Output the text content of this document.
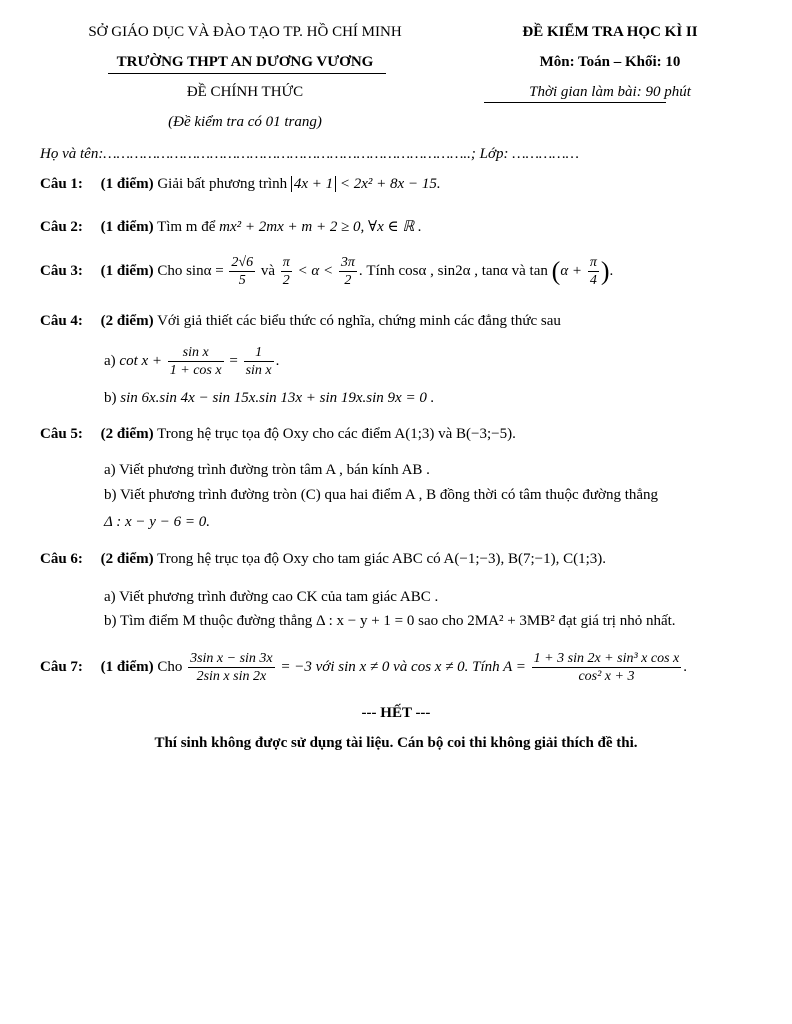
SỞ GIÁO DỤC VÀ ĐÀO TẠO TP. HỒ CHÍ MINH
TRƯỜNG THPT AN DƯƠNG VƯƠNG
ĐỀ CHÍNH THỨC
(Đề kiểm tra có 01 trang)
ĐỀ KIỂM TRA HỌC KÌ II
Môn: Toán – Khối: 10
Thời gian làm bài: 90 phút
Họ và tên:………………………………………………………………………..; Lớp: ……………
Câu 1: (1 điểm) Giải bất phương trình 4x + 1 < 2x² + 8x − 15.
Câu 2: (1 điểm) Tìm m để mx² + 2mx + m + 2 ≥ 0, ∀x ∈ ℝ .
Câu 3: (1 điểm) Cho $\sin\alpha = \frac{2√6}{5}$ và $\frac{\pi}{2} < \alpha < \frac{3\pi}{2}$ . Tính cosα , sin2α , tanα và $\tan (\alpha + \frac{\pi}{4}$ ).
Câu 4: (2 điểm) Với giả thiết các biểu thức có nghĩa, chứng minh các đẳng thức sau
a) $\cot x + \frac{\text{sin x}}{\text{1 + cos x}} = \frac{1}{\text{sin x}}$ .
b) sin 6x.sin 4x − sin 15x.sin 13x + sin 19x.sin 9x = 0 .
Câu 5: (2 điểm) Trong hệ trục tọa độ Oxy cho các điểm A(1;3) và B(−3;−5).
a) Viết phương trình đường tròn tâm A , bán kính AB .
b) Viết phương trình đường tròn (C) qua hai điểm A , B đồng thời có tâm thuộc đường thẳng
Δ : x − y − 6 = 0.
Câu 6: (2 điểm) Trong hệ trục tọa độ Oxy cho tam giác ABC có A(−1;−3), B(7;−1), C(1;3).
a) Viết phương trình đường cao CK của tam giác ABC .
b) Tìm điểm M thuộc đường thẳng Δ : x − y + 1 = 0 sao cho 2MA² + 3MB² đạt giá trị nhỏ nhất.
Câu 7: (1 điểm) Cho $\frac{\text{3sin x − sin 3x}}{\text{2sin x sin 2x}} = -3$ với sin x ≠ 0 và cos x ≠ 0. Tính $A = \frac{\text{1 + 3 sin 2x + sin³ x cos x}}{\text{cos² x + 3}}$ .
--- HẾT ---
Thí sinh không được sử dụng tài liệu. Cán bộ coi thi không giải thích đề thi.
